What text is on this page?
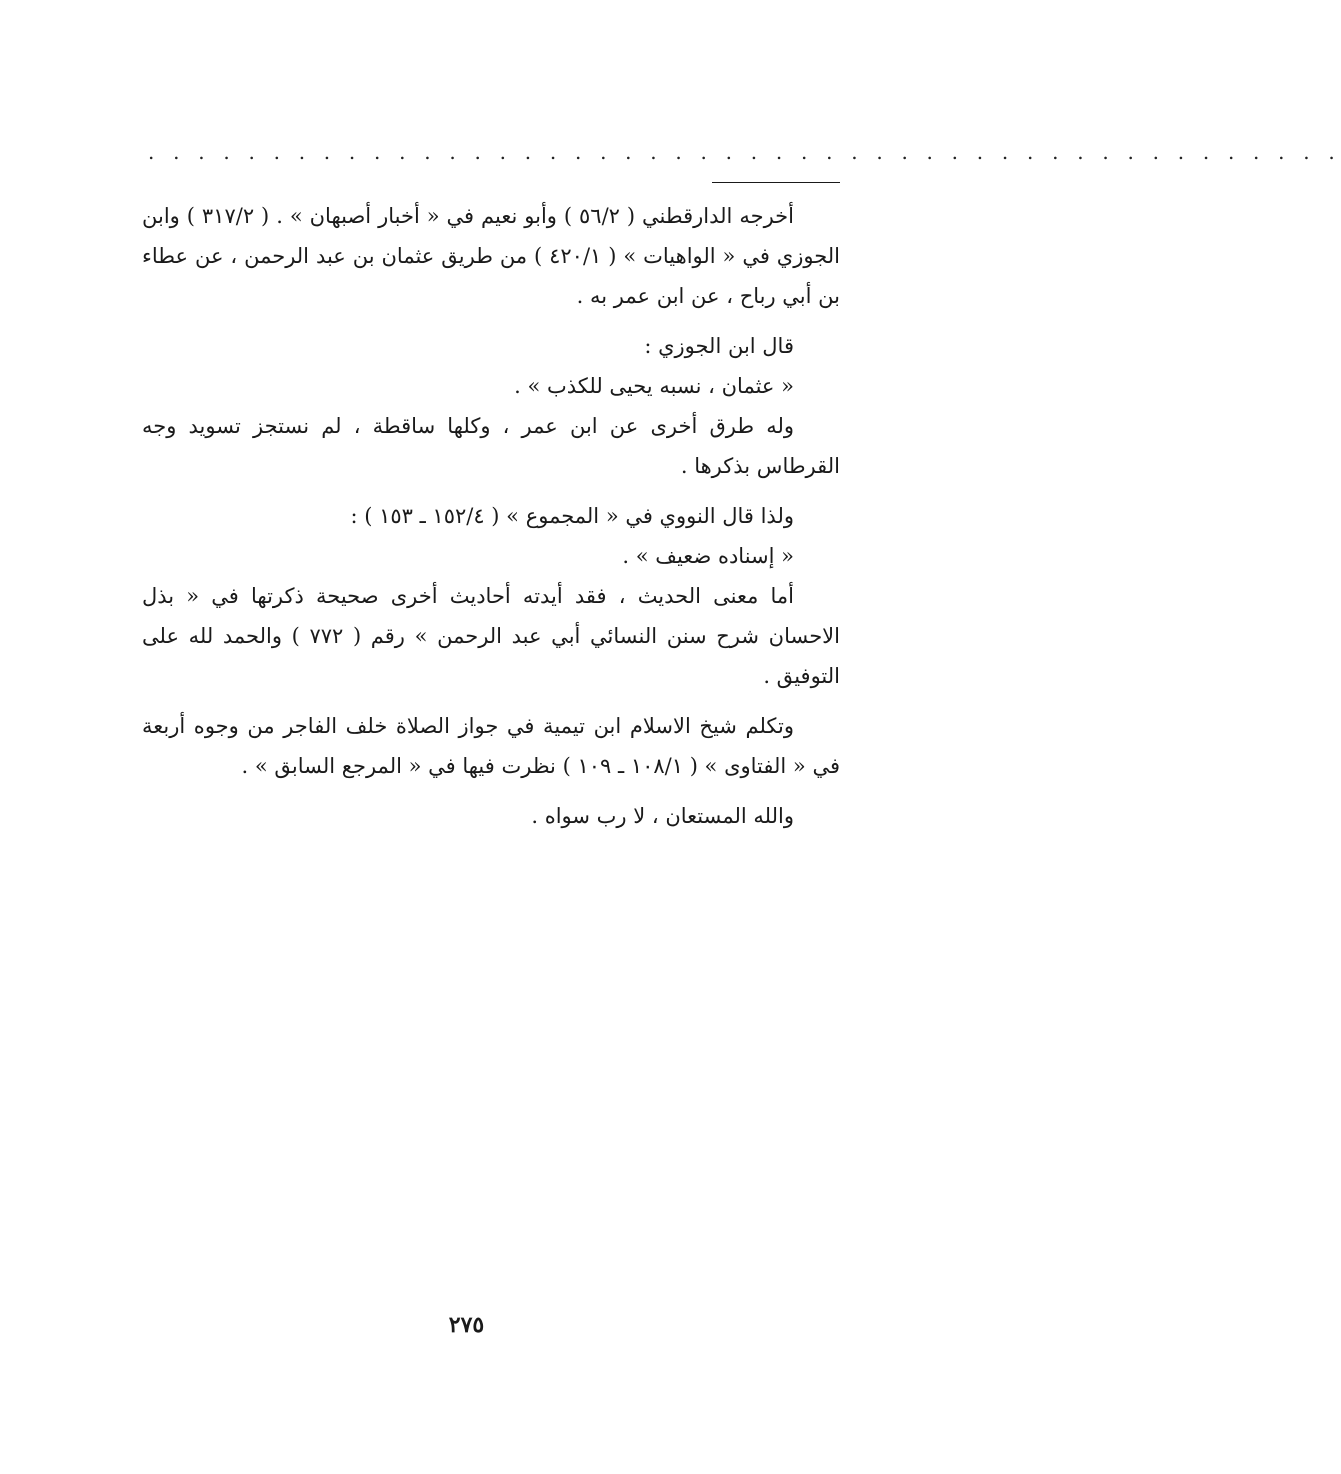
. . . . . . . . . . . . . . . . . . . . . . . . . . . . . . . . . . . . . . . . . . . . . . . .

أخرجه الدارقطني ( ٥٦/٢ ) وأبو نعيم في « أخبار أصبهان » . ( ٣١٧/٢ ) وابن الجوزي في « الواهيات » ( ٤٢٠/١ ) من طريق عثمان بن عبد الرحمن ، عن عطاء بن أبي رباح ، عن ابن عمر به .

قال ابن الجوزي :

« عثمان ، نسبه يحيى للكذب » .

وله طرق أخرى عن ابن عمر ، وكلها ساقطة ، لم نستجز تسويد وجه القرطاس بذكرها .

ولذا قال النووي في « المجموع » ( ١٥٢/٤ ـ ١٥٣ ) :

« إسناده ضعيف » .

أما معنى الحديث ، فقد أيدته أحاديث أخرى صحيحة ذكرتها في « بذل الاحسان شرح سنن النسائي أبي عبد الرحمن » رقم ( ٧٧٢ ) والحمد لله على التوفيق .

وتكلم شيخ الاسلام ابن تيمية في جواز الصلاة خلف الفاجر من وجوه أربعة في « الفتاوى » ( ١٠٨/١ ـ ١٠٩ ) نظرت فيها في « المرجع السابق » .

والله المستعان ، لا رب سواه .

٢٧٥
